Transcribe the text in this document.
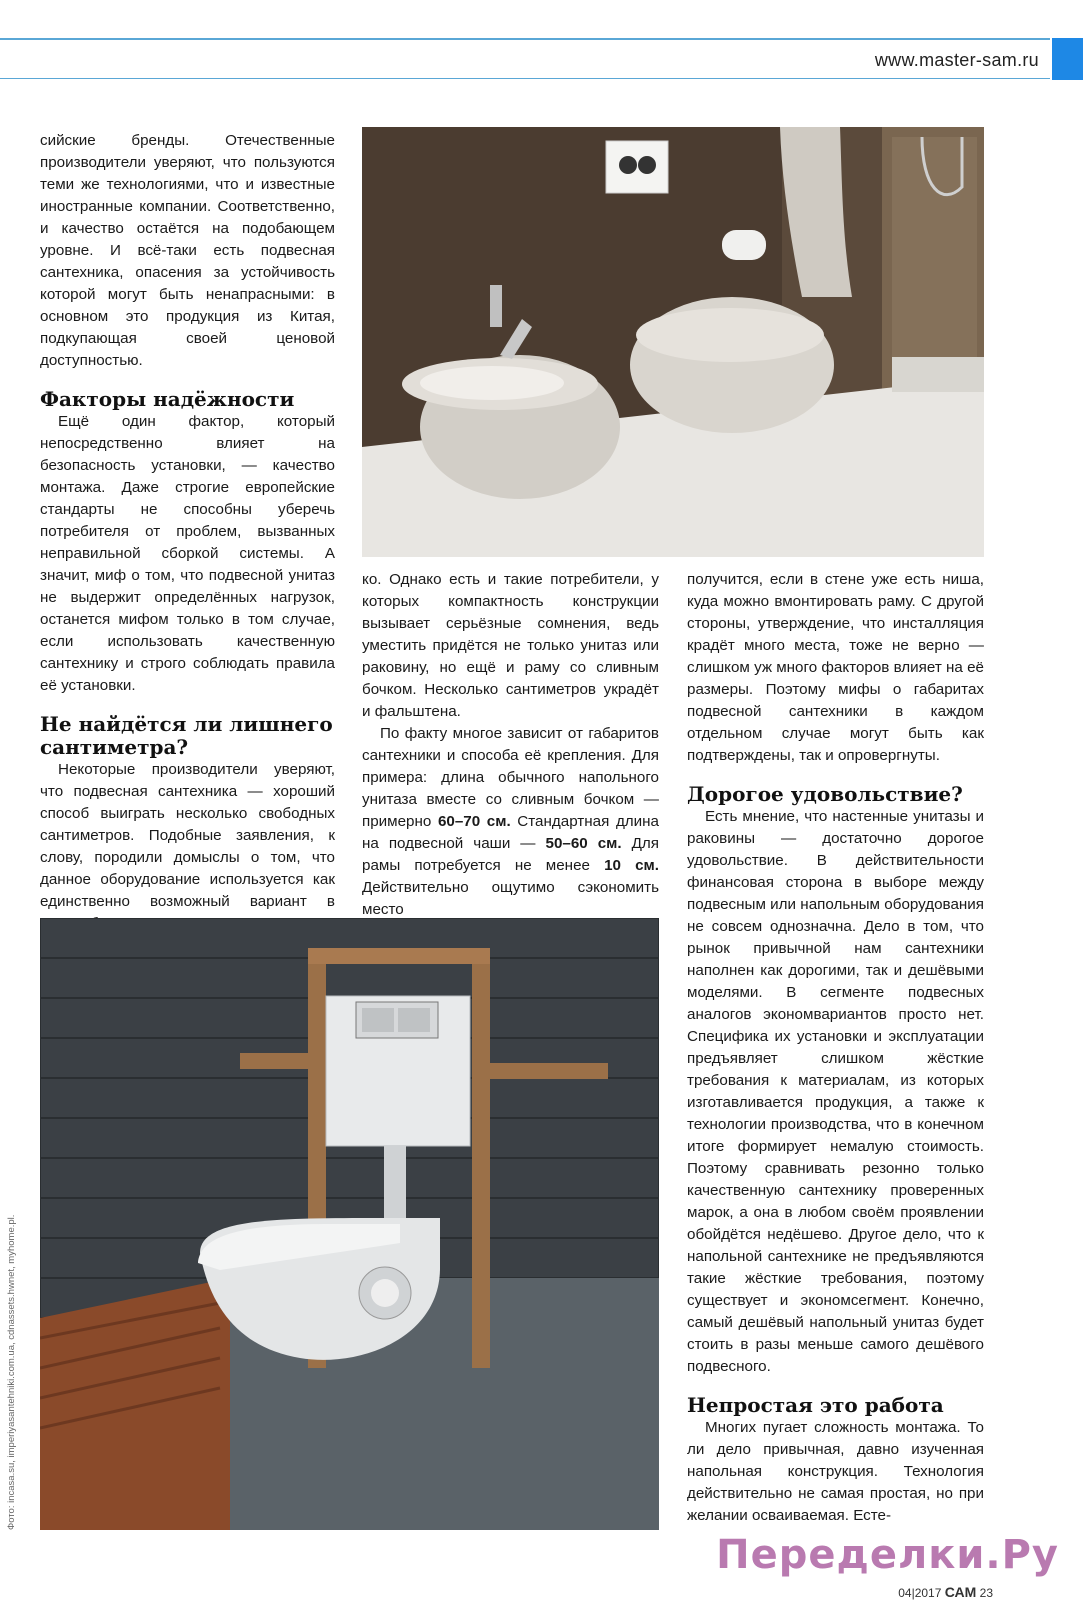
www.master-sam.ru

сийские бренды. Отечественные производители уверяют, что пользуются теми же технологиями, что и известные иностранные компании. Соответственно, и качество остаётся на подобающем уровне. И всё-таки есть подвесная сантехника, опасения за устойчивость которой могут быть ненапрасными: в основном это продукция из Китая, подкупающая своей ценовой доступностью.

Факторы надёжности

Ещё один фактор, который непосредственно влияет на безопасность установки, — качество монтажа. Даже строгие европейские стандарты не способны уберечь потребителя от проблем, вызванных неправильной сборкой системы. А значит, миф о том, что подвесной унитаз не выдержит определённых нагрузок, останется мифом только в том случае, если использовать качественную сантехнику и строго соблюдать правила её установки.

Не найдётся ли лишнего сантиметра?

Некоторые производители уверяют, что подвесная сантехника — хороший способ выиграть несколько свободных сантиметров. Подобные заявления, к слову, породили домыслы о том, что данное оборудование используется как единственно возможный вариант в

ко. Однако есть и такие потребители, у которых компактность конструкции вызывает серьёзные сомнения, ведь уместить придётся не только унитаз или раковину, но ещё и раму со сливным бочком. Несколько сантиметров украдёт и фальштена.

По факту многое зависит от габаритов сантехники и способа её крепления. Для примера: длина обычного напольного унитаза вместе со сливным бочком — примерно 60–70 см. Стандартная длина на подвесной чаши — 50–60 см. Для рамы потребуется не менее 10 см. Действительно ощутимо сэкономить место

получится, если в стене уже есть ниша, куда можно вмонтировать раму. С другой стороны, утверждение, что инсталляция крадёт много места, тоже не верно — слишком уж много факторов влияет на её размеры. Поэтому мифы о габаритах подвесной сантехники в каждом отдельном случае могут быть как подтверждены, так и опровергнуты.

Дорогое удовольствие?

Есть мнение, что настенные унитазы и раковины — достаточно дорогое удовольствие. В действительности финансовая сторона в выборе между подвесным или напольным оборудования не совсем однозначна. Дело в том, что рынок привычной нам сантехники наполнен как дорогими, так и дешёвыми моделями. В сегменте подвесных аналогов экономвариантов просто нет. Специфика их установки и эксплуатации предъявляет слишком жёсткие требования к материалам, из которых изготавливается продукция, а также к технологии производства, что в конечном итоге формирует немалую стоимость. Поэтому сравнивать резонно только качественную сантехнику проверенных марок, а она в любом своём проявлении обойдётся недёшево. Другое дело, что к напольной сантехнике не предъявляются такие жёсткие требования, поэтому существует и экономсегмент. Конечно, самый дешёвый напольный унитаз будет стоить в разы меньше самого дешёвого подвесного.

Непростая это работа

Многих пугает сложность монтажа. То ли дело привычная, давно изученная напольная конструкция. Технология действительно не самая простая, но при желании осваиваемая. Есте-

Фото: incasa.su, imperiyasantehniki.com.ua, cdnassets.hwnet, myhome.pl.
Переделки.Ру
04|2017 САМ 23
